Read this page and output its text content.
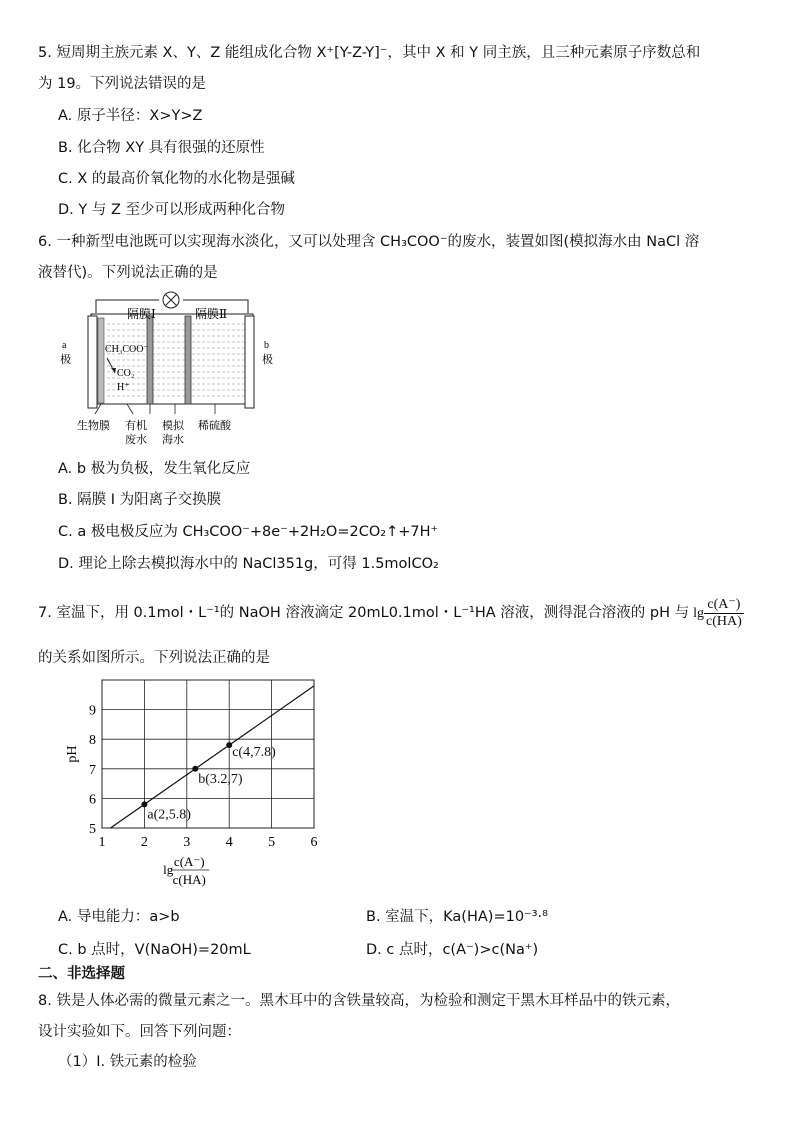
5. 短周期主族元素 X、Y、Z 能组成化合物 X⁺[Y-Z-Y]⁻，其中 X 和 Y 同主族，且三种元素原子序数总和
为 19。下列说法错误的是
A. 原子半径：X>Y>Z
B. 化合物 XY 具有很强的还原性
C. X 的最高价氧化物的水化物是强碱
D. Y 与 Z 至少可以形成两种化合物
6. 一种新型电池既可以实现海水淡化，又可以处理含 CH₃COO⁻的废水，装置如图(模拟海水由 NaCl 溶
液替代)。下列说法正确的是
隔膜Ⅰ	隔膜Ⅱ
a
极
b
极
CH₃COO⁻
CO₂
H⁺
生物膜 有机
废水
模拟
海水
稀硫酸
A. b 极为负极，发生氧化反应
B. 隔膜 I 为阳离子交换膜
C. a 极电极反应为 CH₃COO⁻+8e⁻+2H₂O=2CO₂↑+7H⁺
D. 理论上除去模拟海水中的 NaCl351g，可得 1.5molCO₂
7. 室温下，用 0.1mol・L⁻¹的 NaOH 溶液滴定 20mL0.1mol・L⁻¹HA 溶液，测得混合溶液的 pH 与 $\lg \frac{c(A^-)}{c(HA)}$
的关系如图所示。下列说法正确的是
1	2	3	4	5	6
5
6
7
8
9
pH
lg
c(A⁻)
c(HA)
a(2,5.8)
b(3.2,7)
c(4,7.8)
A. 导电能力：a>b	B. 室温下，Ka(HA)=10⁻³·⁸
C. b 点时，V(NaOH)=20mL	D. c 点时，c(A⁻)>c(Na⁺)
二、非选择题
8. 铁是人体必需的微量元素之一。黑木耳中的含铁量较高，为检验和测定干黑木耳样品中的铁元素，
设计实验如下。回答下列问题：
（1）I. 铁元素的检验
